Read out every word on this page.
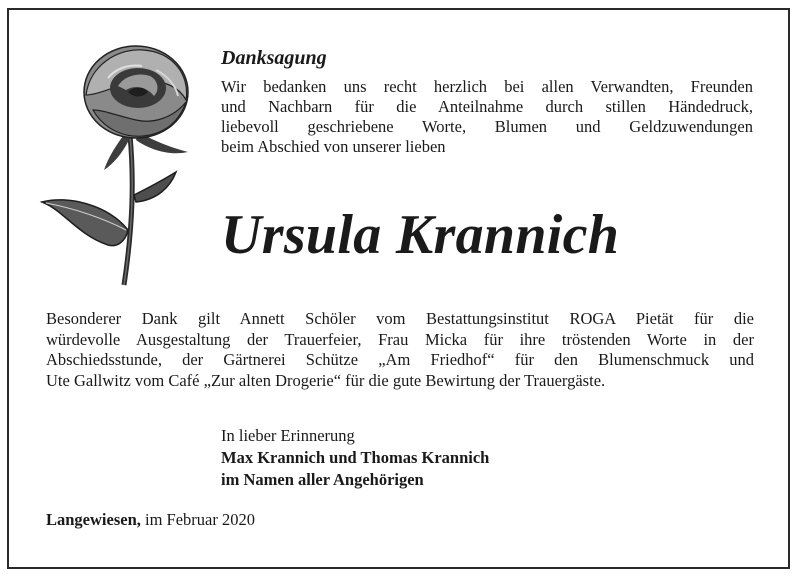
Danksagung

Wir bedanken uns recht herzlich bei allen Verwandten, Freunden
und Nachbarn für die Anteilnahme durch stillen Händedruck,
liebevoll geschriebene Worte, Blumen und Geldzuwendungen
beim Abschied von unserer lieben

Ursula Krannich

Besonderer Dank gilt Annett Schöler vom Bestattungsinstitut ROGA Pietät für die
würdevolle Ausgestaltung der Trauerfeier, Frau Micka für ihre tröstenden Worte in der
Abschiedsstunde, der Gärtnerei Schütze „Am Friedhof“ für den Blumenschmuck und
Ute Gallwitz vom Café „Zur alten Drogerie“ für die gute Bewirtung der Trauergäste.
In lieber Erinnerung
Max Krannich und Thomas Krannich
im Namen aller Angehörigen

Langewiesen, im Februar 2020
